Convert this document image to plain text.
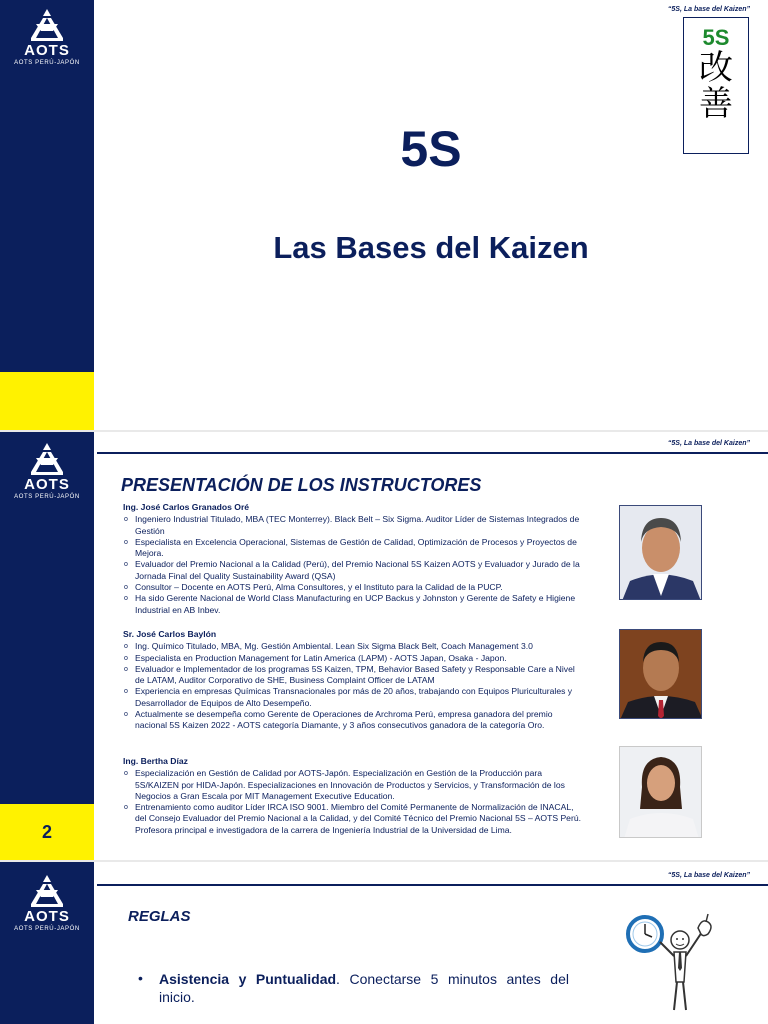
AOTS
AOTS PERÚ-JAPÓN
“5S, La base del Kaizen”
5S
改
善
5S
Las Bases del Kaizen
2
AOTS
AOTS PERÚ-JAPÓN
“5S, La base del Kaizen”
PRESENTACIÓN DE LOS INSTRUCTORES
Ing. José Carlos Granados Oré
o Ingeniero Industrial Titulado, MBA (TEC Monterrey). Black Belt – Six Sigma. Auditor Líder de Sistemas Integrados de Gestión
o Especialista en Excelencia Operacional, Sistemas de Gestión de Calidad, Optimización de Procesos y Proyectos de Mejora.
o Evaluador del Premio Nacional a la Calidad (Perú), del Premio Nacional 5S Kaizen AOTS y Evaluador y Jurado de la Jornada Final del Quality Sustainability Award (QSA)
o Consultor – Docente en AOTS Perú, Alma Consultores, y el Instituto para la Calidad de la PUCP.
o Ha sido Gerente Nacional de World Class Manufacturing en UCP Backus y Johnston y Gerente de Safety e Higiene Industrial en AB Inbev.
Sr. José Carlos Baylón
o Ing. Químico Titulado, MBA, Mg. Gestión Ambiental. Lean Six Sigma Black Belt, Coach Management 3.0
o Especialista en Production Management for Latin America (LAPM) - AOTS Japan, Osaka - Japon.
o Evaluador e Implementador de los programas 5S Kaizen, TPM, Behavior Based Safety y Responsable Care a Nivel de LATAM, Auditor Corporativo de SHE, Business Complaint Officer de LATAM
o Experiencia en empresas Químicas Transnacionales por más de 20 años, trabajando con Equipos Pluriculturales y Desarrollador de Equipos de Alto Desempeño.
o Actualmente se desempeña como Gerente de Operaciones de Archroma Perú, empresa ganadora del premio nacional 5S Kaizen 2022 - AOTS categoría Diamante, y 3 años consecutivos ganadora de la categoría Oro.
Ing. Bertha Díaz
o Especialización en Gestión de Calidad por AOTS-Japón. Especialización en Gestión de la Producción para 5S/KAIZEN por HIDA-Japón. Especializaciones en Innovación de Productos y Servicios, y Transformación de los Negocios a Gran Escala por MIT Management Executive Education.
o Entrenamiento como auditor Líder IRCA ISO 9001. Miembro del Comité Permanente de Normalización de INACAL, del Consejo Evaluador del Premio Nacional a la Calidad, y del Comité Técnico del Premio Nacional 5S – AOTS Perú. Profesora principal e investigadora de la carrera de Ingeniería Industrial de la Universidad de Lima.
AOTS
AOTS PERÚ-JAPÓN
“5S, La base del Kaizen”
REGLAS
• Asistencia y Puntualidad. Conectarse 5 minutos antes del inicio.
